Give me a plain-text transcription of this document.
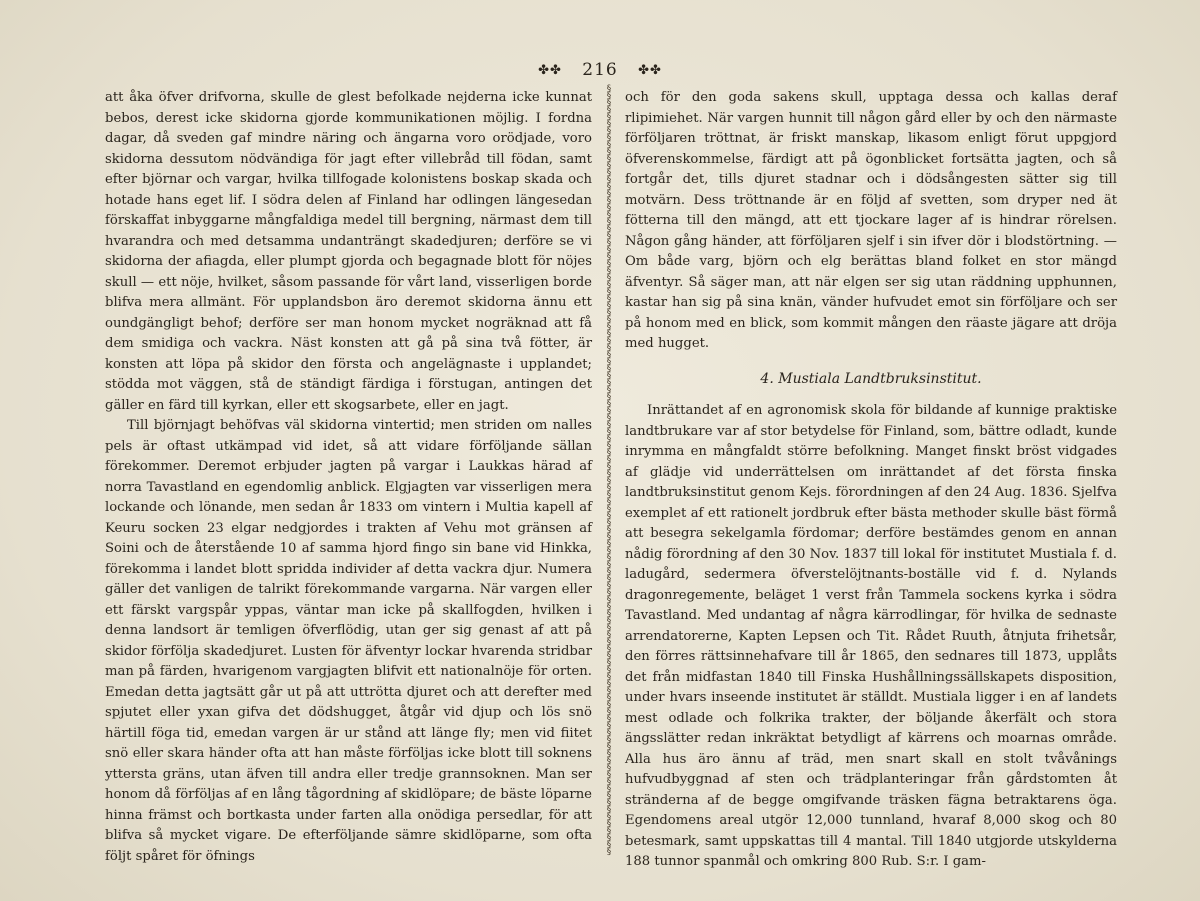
✤✤ 216 ✤✤

att åka öfver drifvorna, skulle de glest befolkade nejderna icke kunnat bebos, derest icke skidorna gjorde kommunikationen möjlig. I fordna dagar, då sveden gaf mindre näring och ängarna voro orödjade, voro skidorna dessutom nödvändiga för jagt efter villebråd till födan, samt efter björnar och vargar, hvilka tillfogade kolonistens boskap skada och hotade hans eget lif. I södra delen af Finland har odlingen längesedan förskaffat inbyggarne mångfaldiga medel till bergning, närmast dem till hvarandra och med detsamma undanträngt skadedjuren; derföre se vi skidorna der afiagda, eller plumpt gjorda och begagnade blott för nöjes skull — ett nöje, hvilket, såsom passande för vårt land, visserligen borde blifva mera allmänt. För upplandsbon äro deremot skidorna ännu ett oundgängligt behof; derföre ser man honom mycket nogräknad att få dem smidiga och vackra. Näst konsten att gå på sina två fötter, är konsten att löpa på skidor den första och angelägnaste i upplandet; stödda mot väggen, stå de ständigt färdiga i förstugan, antingen det gäller en färd till kyrkan, eller ett skogsarbete, eller en jagt.

Till björnjagt behöfvas väl skidorna vintertid; men striden om nalles pels är oftast utkämpad vid idet, så att vidare förföljande sällan förekommer. Deremot erbjuder jagten på vargar i Laukkas härad af norra Tavastland en egendomlig anblick. Elgjagten var visserligen mera lockande och lönande, men sedan år 1833 om vintern i Multia kapell af Keuru socken 23 elgar nedgjordes i trakten af Vehu mot gränsen af Soini och de återstående 10 af samma hjord fingo sin bane vid Hinkka, förekomma i landet blott spridda individer af detta vackra djur. Numera gäller det vanligen de talrikt förekommande vargarna. När vargen eller ett färskt vargspår yppas, väntar man icke på skallfogden, hvilken i denna landsort är temligen öfverflödig, utan ger sig genast af att på skidor förfölja skadedjuret. Lusten för äfventyr lockar hvarenda stridbar man på färden, hvarigenom vargjagten blifvit ett nationalnöje för orten. Emedan detta jagtsätt går ut på att uttrötta djuret och att derefter med spjutet eller yxan gifva det dödshugget, åtgår vid djup och lös snö härtill föga tid, emedan vargen är ur stånd att länge fly; men vid fiitet snö eller skara händer ofta att han måste förföljas icke blott till soknens yttersta gräns, utan äfven till andra eller tredje grannsoknen. Man ser honom då förföljas af en lång tågordning af skidlöpare; de bäste löparne hinna främst och bortkasta under farten alla onödiga persedlar, för att blifva så mycket vigare. De efterföljande sämre skidlöparne, som ofta följt spåret för öfnings

§
§
§
§
§
§
§
§
§
§
§
§
§
§
§
§
§
§
§
§
§
§
§
§
§
§
§
§
§
§
§
§
§
§
§
§
§
§
§
§
§
§
§
§
§
§
§
§
§
§
§
§
§
§
§
§
§
§
§
§
§
§
§
§
§
§
§
§
§
§
§
§
§
§
§
§
§
§
§
§
§
§
§
§
§
§
§
§
§
§
§
§
§
§
§
§
§
§
§
§
§
§
§
§
§
§
§
§
§
§

och för den goda sakens skull, upptaga dessa och kallas deraf rlipimiehet. När vargen hunnit till någon gård eller by och den närmaste förföljaren tröttnat, är friskt manskap, likasom enligt förut uppgjord öfverenskommelse, färdigt att på ögonblicket fortsätta jagten, och så fortgår det, tills djuret stadnar och i dödsångesten sätter sig till motvärn. Dess tröttnande är en följd af svetten, som dryper ned ät fötterna till den mängd, att ett tjockare lager af is hindrar rörelsen. Någon gång händer, att förföljaren sjelf i sin ifver dör i blodstörtning. — Om både varg, björn och elg berättas bland folket en stor mängd äfventyr. Så säger man, att när elgen ser sig utan räddning upphunnen, kastar han sig på sina knän, vänder hufvudet emot sin förföljare och ser på honom med en blick, som kommit mången den räaste jägare att dröja med hugget.

4. Mustiala Landtbruksinstitut.

Inrättandet af en agronomisk skola för bildande af kunnige praktiske landtbrukare var af stor betydelse för Finland, som, bättre odladt, kunde inrymma en mångfaldt större befolkning. Manget finskt bröst vidgades af glädje vid underrättelsen om inrättandet af det första finska landtbruksinstitut genom Kejs. förordningen af den 24 Aug. 1836. Sjelfva exemplet af ett rationelt jordbruk efter bästa methoder skulle bäst förmå att besegra sekelgamla fördomar; derföre bestämdes genom en annan nådig förordning af den 30 Nov. 1837 till lokal för institutet Mustiala f. d. ladugård, sedermera öfverstelöjtnants-boställe vid f. d. Nylands dragonregemente, beläget 1 verst från Tammela sockens kyrka i södra Tavastland. Med undantag af några kärrodlingar, för hvilka de sednaste arrendatorerne, Kapten Lepsen och Tit. Rådet Ruuth, åtnjuta frihetsår, den förres rättsinnehafvare till år 1865, den sednares till 1873, upplåts det från midfastan 1840 till Finska Hushållningssällskapets disposition, under hvars inseende institutet är ställdt. Mustiala ligger i en af landets mest odlade och folkrika trakter, der böljande åkerfält och stora ängsslätter redan inkräktat betydligt af kärrens och moarnas område. Alla hus äro ännu af träd, men snart skall en stolt tvåvånings hufvudbyggnad af sten och trädplanteringar från gårdstomten åt stränderna af de begge omgifvande träsken fägna betraktarens öga. Egendomens areal utgör 12,000 tunnland, hvaraf 8,000 skog och 80 betesmark, samt uppskattas till 4 mantal. Till 1840 utgjorde utskylderna 188 tunnor spanmål och omkring 800 Rub. S:r. I gam-
